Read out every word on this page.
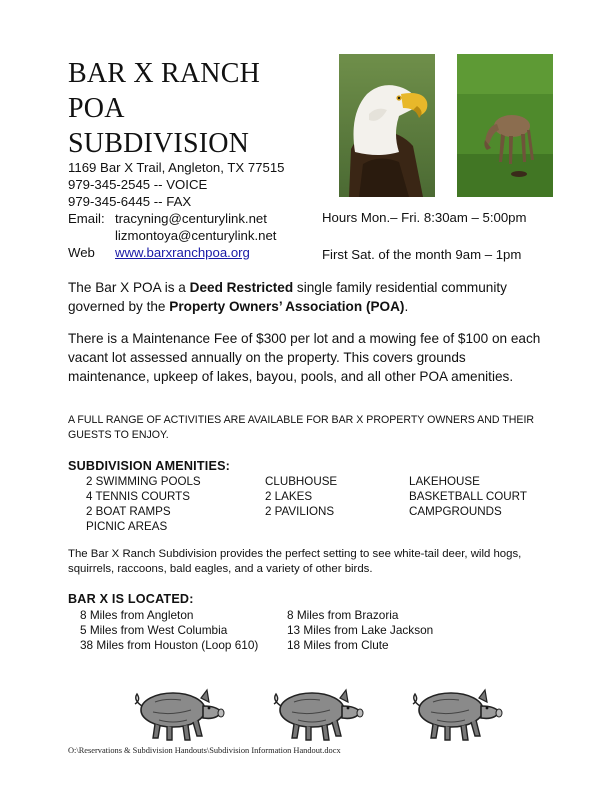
BAR X RANCH
POA
SUBDIVISION
1169 Bar X Trail, Angleton, TX 77515
979-345-2545 -- VOICE
979-345-6445 -- FAX
Email: tracyning@centurylink.net
lizmontoya@centurylink.net
Web www.barxranchpoa.org
Hours Mon.– Fri. 8:30am – 5:00pm
First Sat. of the month 9am – 1pm
The Bar X POA is a Deed Restricted single family residential community governed by the Property Owners’ Association (POA).
There is a Maintenance Fee of $300 per lot and a mowing fee of $100 on each vacant lot assessed annually on the property. This covers grounds maintenance, upkeep of lakes, bayou, pools, and all other POA amenities.
A FULL RANGE OF ACTIVITIES ARE AVAILABLE FOR BAR X PROPERTY OWNERS AND THEIR GUESTS TO ENJOY.
SUBDIVISION AMENITIES:
2 SWIMMING POOLS
4 TENNIS COURTS
2 BOAT RAMPS
PICNIC AREAS
CLUBHOUSE
2 LAKES
2 PAVILIONS
LAKEHOUSE
BASKETBALL COURT
CAMPGROUNDS
The Bar X Ranch Subdivision provides the perfect setting to see white-tail deer, wild hogs, squirrels, raccoons, bald eagles, and a variety of other birds.
BAR X IS LOCATED:
8 Miles from Angleton
5 Miles from West Columbia
38 Miles from Houston (Loop 610)
8 Miles from Brazoria
13 Miles from Lake Jackson
18 Miles from Clute
O:\Reservations & Subdivision Handouts\Subdivision Information Handout.docx
